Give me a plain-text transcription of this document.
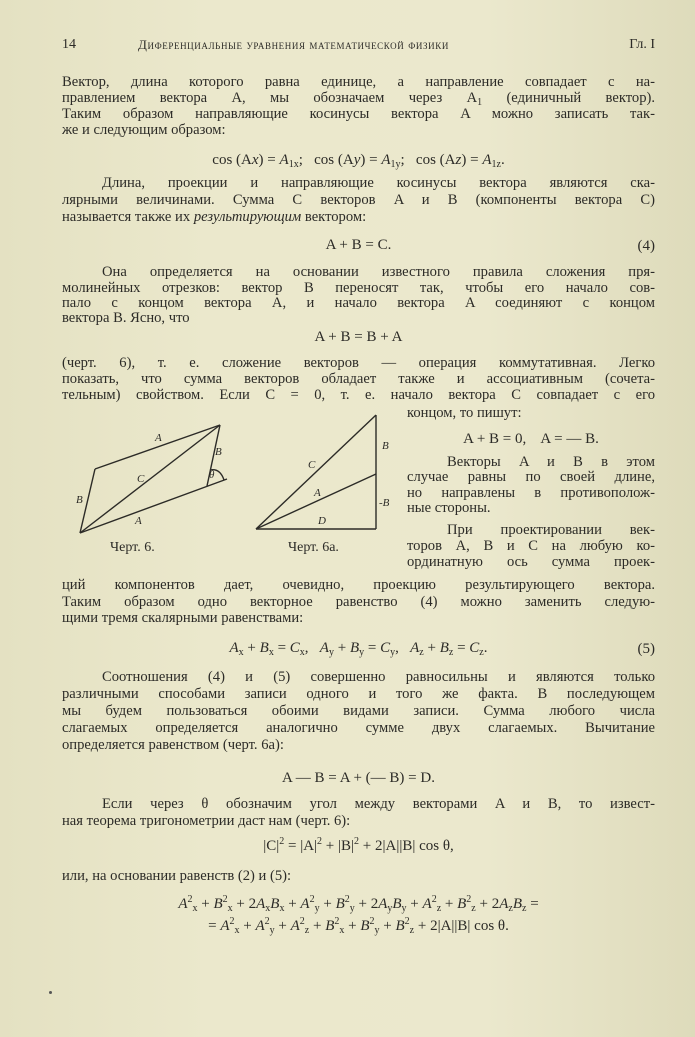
14	Диференциальные уравнения математической физики	Гл. I
Вектор, длина которого равна единице, а направление совпадает с на-
правлением вектора A, мы обозначаем через $A_1$ (единичный вектор).
Таким образом направляющие косинусы вектора A можно записать так-
же и следующим образом:
$\cos (Ax) = A_{1x}$;   $\cos (Ay) = A_{1y}$;   $\cos (Az) = A_{1z}$.
Длина, проекции и направляющие косинусы вектора являются ска-
лярными величинами. Сумма C векторов A и B (компоненты вектора C)
называется также их результирующим вектором:
A + B = C.
Она определяется на основании известного правила сложения пря-
молинейных отрезков: вектор B переносят так, чтобы его начало сов-
пало с концом вектора A, и начало вектора A соединяют с концом
вектора B. Ясно, что
A + B = B + A
(черт. 6), т. е. сложение векторов — операция коммутативная. Легко
показать, что сумма векторов обладает также и ассоциативным (сочета-
тельным) свойством. Если C = 0, т. е. начало вектора C совпадает с его
концом, то пишут:
A + B = 0,    A = — B.
Векторы A и B в этом
случае равны по своей длине,
но направлены в противополож-
ные стороны.
При проектировании век-
торов A, B и C на любую ко-
ординатную ось сумма проек-
ций компонентов дает, очевидно, проекцию результирующего вектора.
Таким образом одно векторное равенство (4) можно заменить следую-
щими тремя скалярными равенствами:
$A_x + B_x = C_x$,   $A_y + B_y = C_y$,   $A_z + B_z = C_z$.
Соотношения (4) и (5) совершенно равносильны и являются только
различными способами записи одного и того же факта. В последующем
мы будем пользоваться обоими видами записи. Сумма любого числа
слагаемых определяется аналогично сумме двух слагаемых. Вычитание
определяется равенством (черт. 6а):
A — B = A + (— B) = D.
Если через θ обозначим угол между векторами A и B, то извест-
ная теорема тригонометрии даст нам (черт. 6):
$|C|^2 = |A|^2 + |B|^2 + 2|A||B|$ cos θ,
или, на основании равенств (2) и (5):
$A^2_x + B^2_x + 2A_xB_x + A^2_y + B^2_y + 2A_yB_y + A^2_z + B^2_z + 2A_zB_z$ =
= $A^2_x + A^2_y + A^2_z + B^2_x + B^2_y + B^2_z + 2|A||B|$ cos θ.
(4)
(5)
A
C
B
θ
B
A
B
C
A
-B
D
Черт. 6.	Черт. 6а.
